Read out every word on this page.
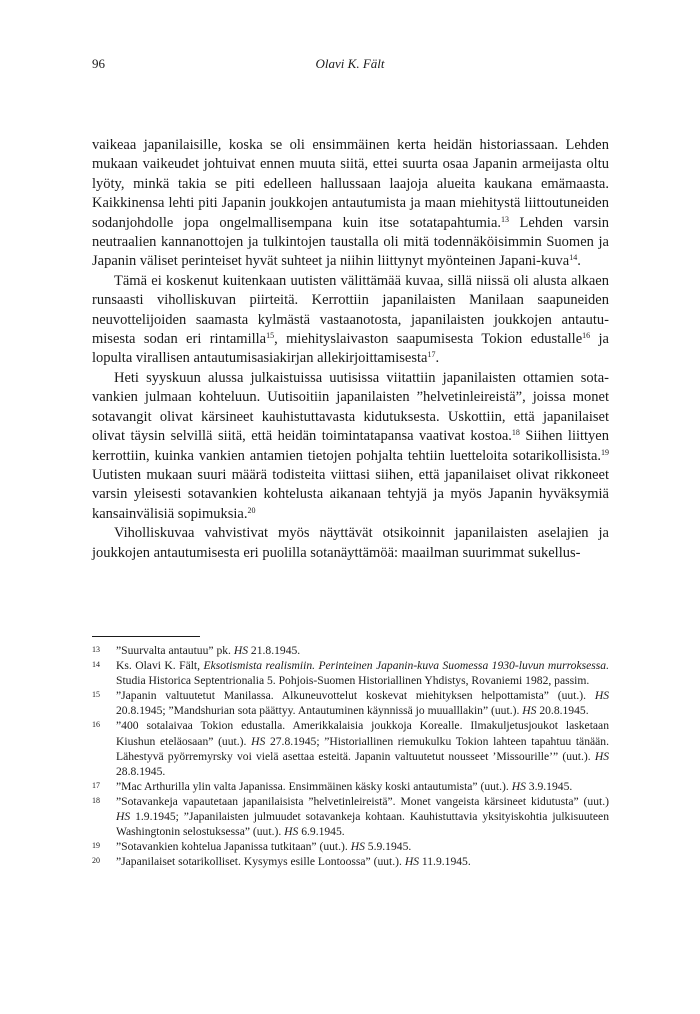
96	Olavi K. Fält

vaikeaa japanilaisille, koska se oli ensimmäinen kerta heidän historiassaan. Lehden mukaan vaikeudet johtuivat ennen muuta siitä, ettei suurta osaa Japanin armeijasta oltu lyöty, minkä takia se piti edelleen hallussaan laajoja alueita kaukana emämaasta. Kaikkinensa lehti piti Japanin joukkojen antautumista ja maan miehitystä liittoutuneiden sodanjohdolle jopa ongelmallisempana kuin itse sotatapahtumia.$^{13}$ Lehden varsin neutraalien kannanottojen ja tulkintojen taustalla oli mitä todennäköisimmin Suomen ja Japanin väliset perinteiset hyvät suhteet ja niihin liittynyt myönteinen Japani-kuva$^{14}$.

Tämä ei koskenut kuitenkaan uutisten välittämää kuvaa, sillä niissä oli alusta alkaen runsaasti viholliskuvan piirteitä. Kerrottiin japanilaisten Manilaan saapuneiden neuvottelijoiden saamasta kylmästä vastaanotosta, japanilaisten joukkojen antautumisesta sodan eri rintamilla$^{15}$, miehityslaivaston saapumisesta Tokion edustalle$^{16}$ ja lopulta virallisen antautumisasiakirjan allekirjoittamisesta$^{17}$.

Heti syyskuun alussa julkaistuissa uutisissa viitattiin japanilaisten ottamien sotavankien julmaan kohteluun. Uutisoitiin japanilaisten ”helvetinleireistä”, joissa monet sotavangit olivat kärsineet kauhistuttavasta kidutuksesta. Uskottiin, että japanilaiset olivat täysin selvillä siitä, että heidän toimintatapansa vaativat kostoa.$^{18}$ Siihen liittyen kerrottiin, kuinka vankien antamien tietojen pohjalta tehtiin luetteloita sotarikollisista.$^{19}$ Uutisten mukaan suuri määrä todisteita viittasi siihen, että japanilaiset olivat rikkoneet varsin yleisesti sotavankien kohtelusta aikanaan tehtyjä ja myös Japanin hyväksymiä kansainvälisiä sopimuksia.$^{20}$

Viholliskuvaa vahvistivat myös näyttävät otsikoinnit japanilaisten aselajien ja joukkojen antautumisesta eri puolilla sotanäyttämöä: maailman suurimmat sukellus-

13 ”Suurvalta antautuu” pk. HS 21.8.1945.
14 Ks. Olavi K. Fält, Eksotismista realismiin. Perinteinen Japanin-kuva Suomessa 1930-luvun murroksessa. Studia Historica Septentrionalia 5. Pohjois-Suomen Historiallinen Yhdistys, Rovaniemi 1982, passim.
15 ”Japanin valtuutetut Manilassa. Alkuneuvottelut koskevat miehityksen helpottamista” (uut.). HS 20.8.1945; ”Mandshurian sota päättyy. Antautuminen käynnissä jo muualllakin” (uut.). HS 20.8.1945.
16 ”400 sotalaivaa Tokion edustalla. Amerikkalaisia joukkoja Koreallе. Ilmakuljetusjoukot lasketaan Kiushun eteläosaan” (uut.). HS 27.8.1945; ”Historiallinen riemukulku Tokion lahteen tapahtuu tänään. Lähestyvä pyörremyrsky voi vielä asettaa esteitä. Japanin valtuutetut nousseet ’Missourille’” (uut.). HS 28.8.1945.
17 ”Mac Arthurilla ylin valta Japanissa. Ensimmäinen käsky koski antautumista” (uut.). HS 3.9.1945.
18 ”Sotavankeja vapautetaan japanilaisista ”helvetinleireistä”. Monet vangeista kärsineet kidutusta” (uut.) HS 1.9.1945; ”Japanilaisten julmuudet sotavankeja kohtaan. Kauhistuttavia yksityiskohtia julkisuuteen Washingtonin selostuksessa” (uut.). HS 6.9.1945.
19 ”Sotavankien kohtelua Japanissa tutkitaan” (uut.). HS 5.9.1945.
20 ”Japanilaiset sotarikolliset. Kysymys esille Lontoossa” (uut.). HS 11.9.1945.
